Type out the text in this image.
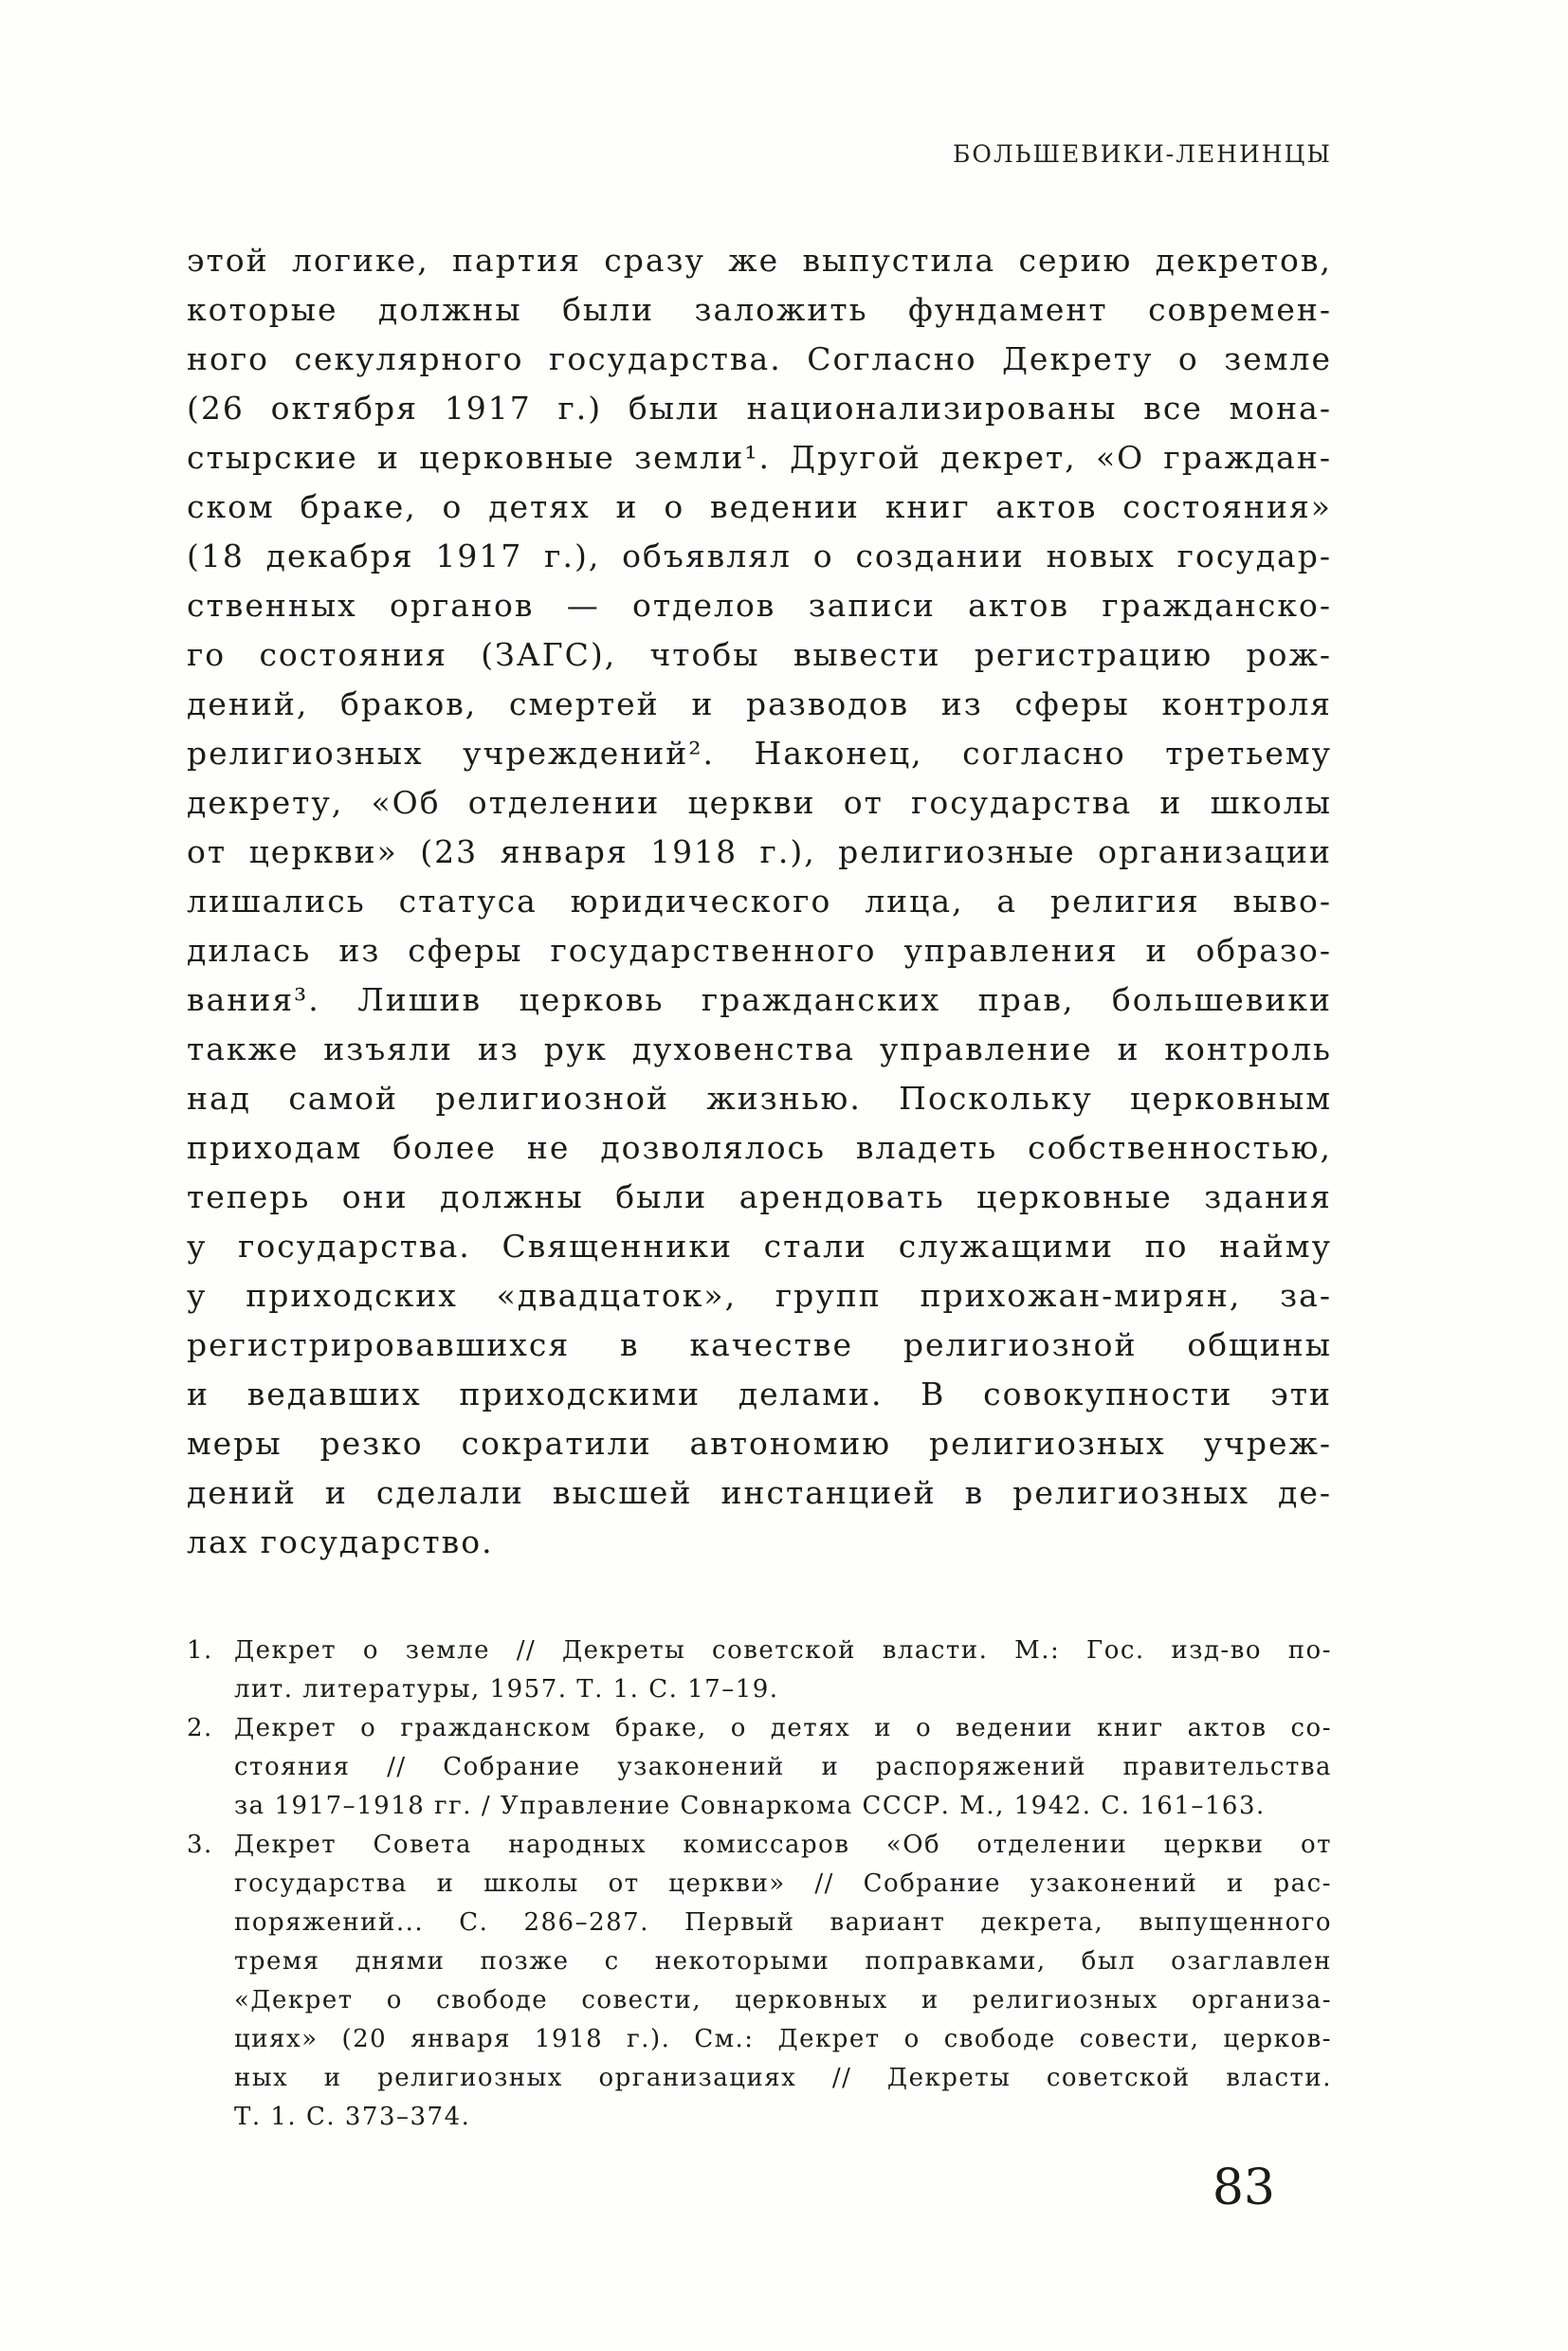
БОЛЬШЕВИКИ-ЛЕНИНЦЫ
этой логике, партия сразу же выпустила серию декретов,
которые должны были заложить фундамент современ-
ного секулярного государства. Согласно Декрету о земле
(26 октября 1917 г.) были национализированы все мона-
стырские и церковные земли¹. Другой декрет, «О граждан-
ском браке, о детях и о ведении книг актов состояния»
(18 декабря 1917 г.), объявлял о создании новых государ-
ственных органов — отделов записи актов гражданско-
го состояния (ЗАГС), чтобы вывести регистрацию рож-
дений, браков, смертей и разводов из сферы контроля
религиозных учреждений². Наконец, согласно третьему
декрету, «Об отделении церкви от государства и школы
от церкви» (23 января 1918 г.), религиозные организации
лишались статуса юридического лица, а религия выво-
дилась из сферы государственного управления и образо-
вания³. Лишив церковь гражданских прав, большевики
также изъяли из рук духовенства управление и контроль
над самой религиозной жизнью. Поскольку церковным
приходам более не дозволялось владеть собственностью,
теперь они должны были арендовать церковные здания
у государства. Священники стали служащими по найму
у приходских «двадцаток», групп прихожан-мирян, за-
регистрировавшихся в качестве религиозной общины
и ведавших приходскими делами. В совокупности эти
меры резко сократили автономию религиозных учреж-
дений и сделали высшей инстанцией в религиозных де-
лах государство.
1. Декрет о земле // Декреты советской власти. М.: Гос. изд-во по-
лит. литературы, 1957. Т. 1. С. 17–19.
2. Декрет о гражданском браке, о детях и о ведении книг актов со-
стояния // Собрание узаконений и распоряжений правительства
за 1917–1918 гг. / Управление Совнаркома СССР. М., 1942. С. 161–163.
3. Декрет Совета народных комиссаров «Об отделении церкви от
государства и школы от церкви» // Собрание узаконений и рас-
поряжений... С. 286–287. Первый вариант декрета, выпущенного
тремя днями позже с некоторыми поправками, был озаглавлен
«Декрет о свободе совести, церковных и религиозных организа-
циях» (20 января 1918 г.). См.: Декрет о свободе совести, церков-
ных и религиозных организациях // Декреты советской власти.
Т. 1. С. 373–374.
83
